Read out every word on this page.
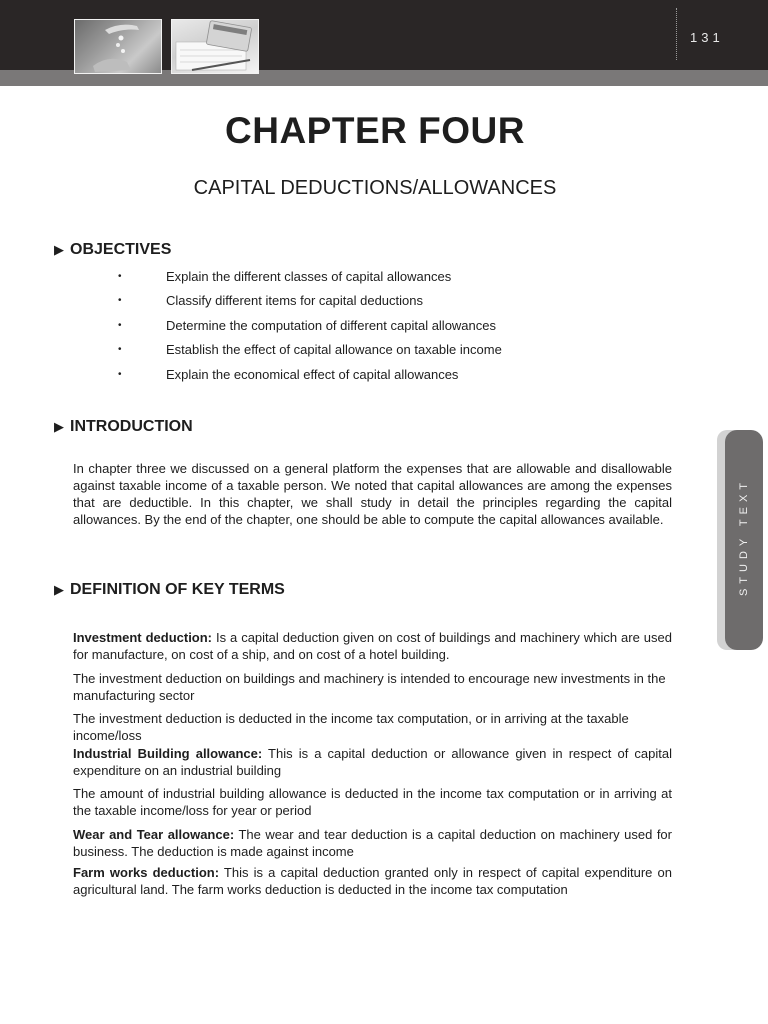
131
CHAPTER FOUR
CAPITAL DEDUCTIONS/ALLOWANCES
▶ OBJECTIVES
•	Explain the different classes of capital allowances
•	Classify different items for capital deductions
•	Determine the computation of different capital allowances
•	Establish the effect of capital allowance on taxable income
•	Explain the economical effect of capital allowances
▶ INTRODUCTION

In chapter three we discussed on a general platform the expenses that are allowable and disallowable against taxable income of a taxable person. We noted that capital allowances are among the expenses that are deductible. In this chapter, we shall study in detail the principles regarding the capital allowances. By the end of the chapter, one should be able to compute the capital allowances available.

▶ DEFINITION OF KEY TERMS

Investment deduction: Is a capital deduction given on cost of buildings and machinery which are used for manufacture, on cost of a ship, and on cost of a hotel building.

The investment deduction on buildings and machinery is intended to encourage new investments in the manufacturing sector

The investment deduction is deducted in the income tax computation, or in arriving at the taxable income/loss

Industrial Building allowance: This is a capital deduction or allowance given in respect of capital expenditure on an industrial building

The amount of industrial building allowance is deducted in the income tax computation or in arriving at the taxable income/loss for year or period

Wear and Tear allowance: The wear and tear deduction is a capital deduction on machinery used for business. The deduction is made against income

Farm works deduction: This is a capital deduction granted only in respect of capital expenditure on agricultural land. The farm works deduction is deducted in the income tax computation

STUDY TEXT
